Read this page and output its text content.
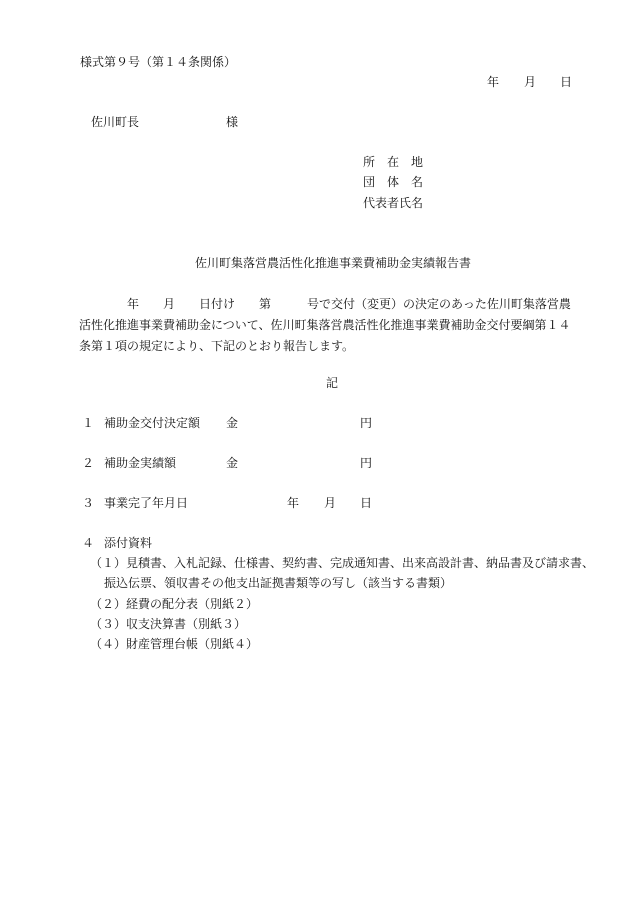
様式第９号（第１４条関係）
年 月 日
佐川町長	様
所　在　地
団　体　名
代表者氏名
佐川町集落営農活性化推進事業費補助金実績報告書
年　　月　　日付け　　第　　　号で交付（変更）の決定のあった佐川町集落営農
活性化推進事業費補助金について、佐川町集落営農活性化推進事業費補助金交付要綱第１４
条第１項の規定により、下記のとおり報告します。
記
１ 補助金交付決定額 金	円
２ 補助金実績額	金	円
３ 事業完了年月日	年 月 日
４ 添付資料
（１）見積書、入札記録、仕様書、契約書、完成通知書、出来高設計書、納品書及び請求書、
振込伝票、領収書その他支出証拠書類等の写し（該当する書類）
（２）経費の配分表（別紙２）
（３）収支決算書（別紙３）
（４）財産管理台帳（別紙４）
